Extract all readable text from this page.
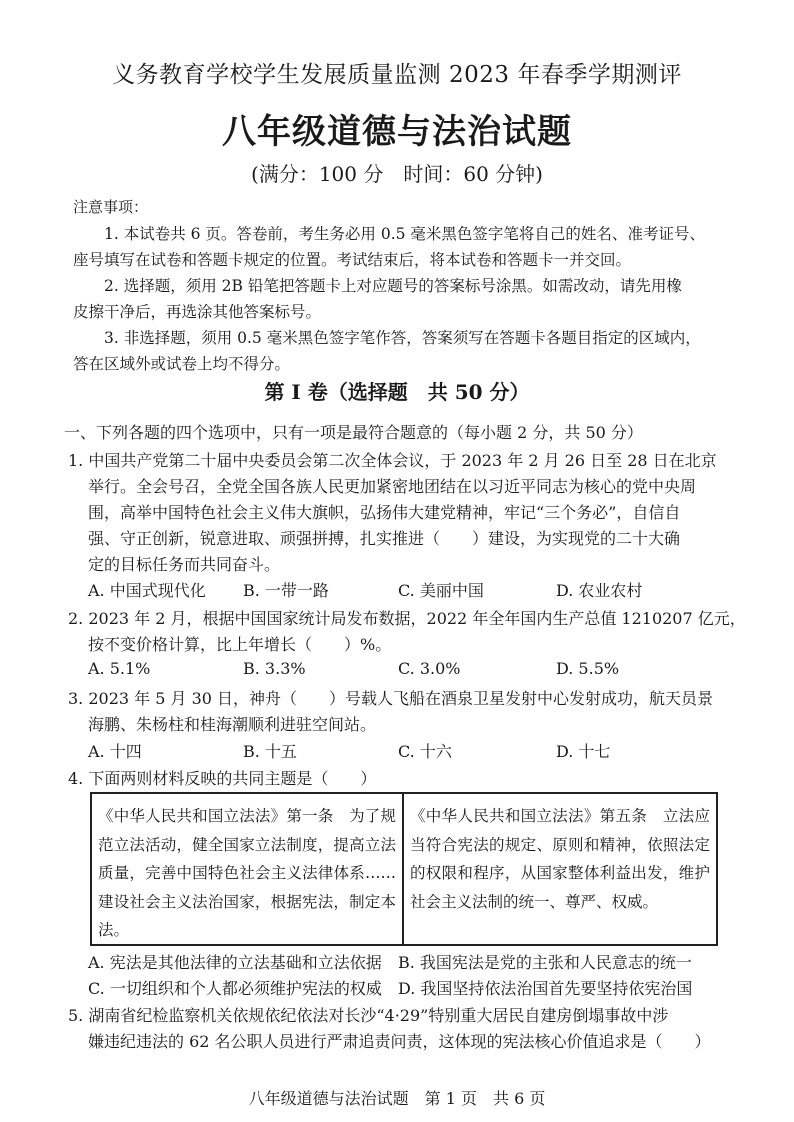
义务教育学校学生发展质量监测 2023 年春季学期测评
八年级道德与法治试题
(满分：100 分　时间：60 分钟)
注意事项：
1. 本试卷共 6 页。答卷前，考生务必用 0.5 毫米黑色签字笔将自己的姓名、准考证号、
座号填写在试卷和答题卡规定的位置。考试结束后，将本试卷和答题卡一并交回。
2. 选择题，须用 2B 铅笔把答题卡上对应题号的答案标号涂黑。如需改动，请先用橡
皮擦干净后，再选涂其他答案标号。
3. 非选择题，须用 0.5 毫米黑色签字笔作答，答案须写在答题卡各题目指定的区域内，
答在区域外或试卷上均不得分。
第 I 卷（选择题　共 50 分）
一、下列各题的四个选项中，只有一项是最符合题意的（每小题 2 分，共 50 分）
1. 中国共产党第二十届中央委员会第二次全体会议，于 2023 年 2 月 26 日至 28 日在北京
举行。全会号召，全党全国各族人民更加紧密地团结在以习近平同志为核心的党中央周
围，高举中国特色社会主义伟大旗帜，弘扬伟大建党精神，牢记“三个务必”，自信自
强、守正创新，锐意进取、顽强拼搏，扎实推进（　　）建设，为实现党的二十大确
定的目标任务而共同奋斗。
A. 中国式现代化 B. 一带一路	C. 美丽中国	D. 农业农村
2. 2023 年 2 月，根据中国国家统计局发布数据，2022 年全年国内生产总值 1210207 亿元，
按不变价格计算，比上年增长（　　）%。
A. 5.1%	B. 3.3%	C. 3.0%	D. 5.5%
3. 2023 年 5 月 30 日，神舟（　　）号载人飞船在酒泉卫星发射中心发射成功，航天员景
海鹏、朱杨柱和桂海潮顺利进驻空间站。
A. 十四	B. 十五	C. 十六	D. 十七
4. 下面两则材料反映的共同主题是（　　）
《中华人民共和国立法法》第一条　为了规范立法活动，健全国家立法制度，提高立法质量，完善中国特色社会主义法律体系……建设社会主义法治国家，根据宪法，制定本法。
《中华人民共和国立法法》第五条　立法应当符合宪法的规定、原则和精神，依照法定的权限和程序，从国家整体利益出发，维护社会主义法制的统一、尊严、权威。
A. 宪法是其他法律的立法基础和立法依据 B. 我国宪法是党的主张和人民意志的统一
C. 一切组织和个人都必须维护宪法的权威 D. 我国坚持依法治国首先要坚持依宪治国
5. 湖南省纪检监察机关依规依纪依法对长沙“4·29”特别重大居民自建房倒塌事故中涉
嫌违纪违法的 62 名公职人员进行严肃追责问责，这体现的宪法核心价值追求是（　　）
八年级道德与法治试题　第 1 页　共 6 页
